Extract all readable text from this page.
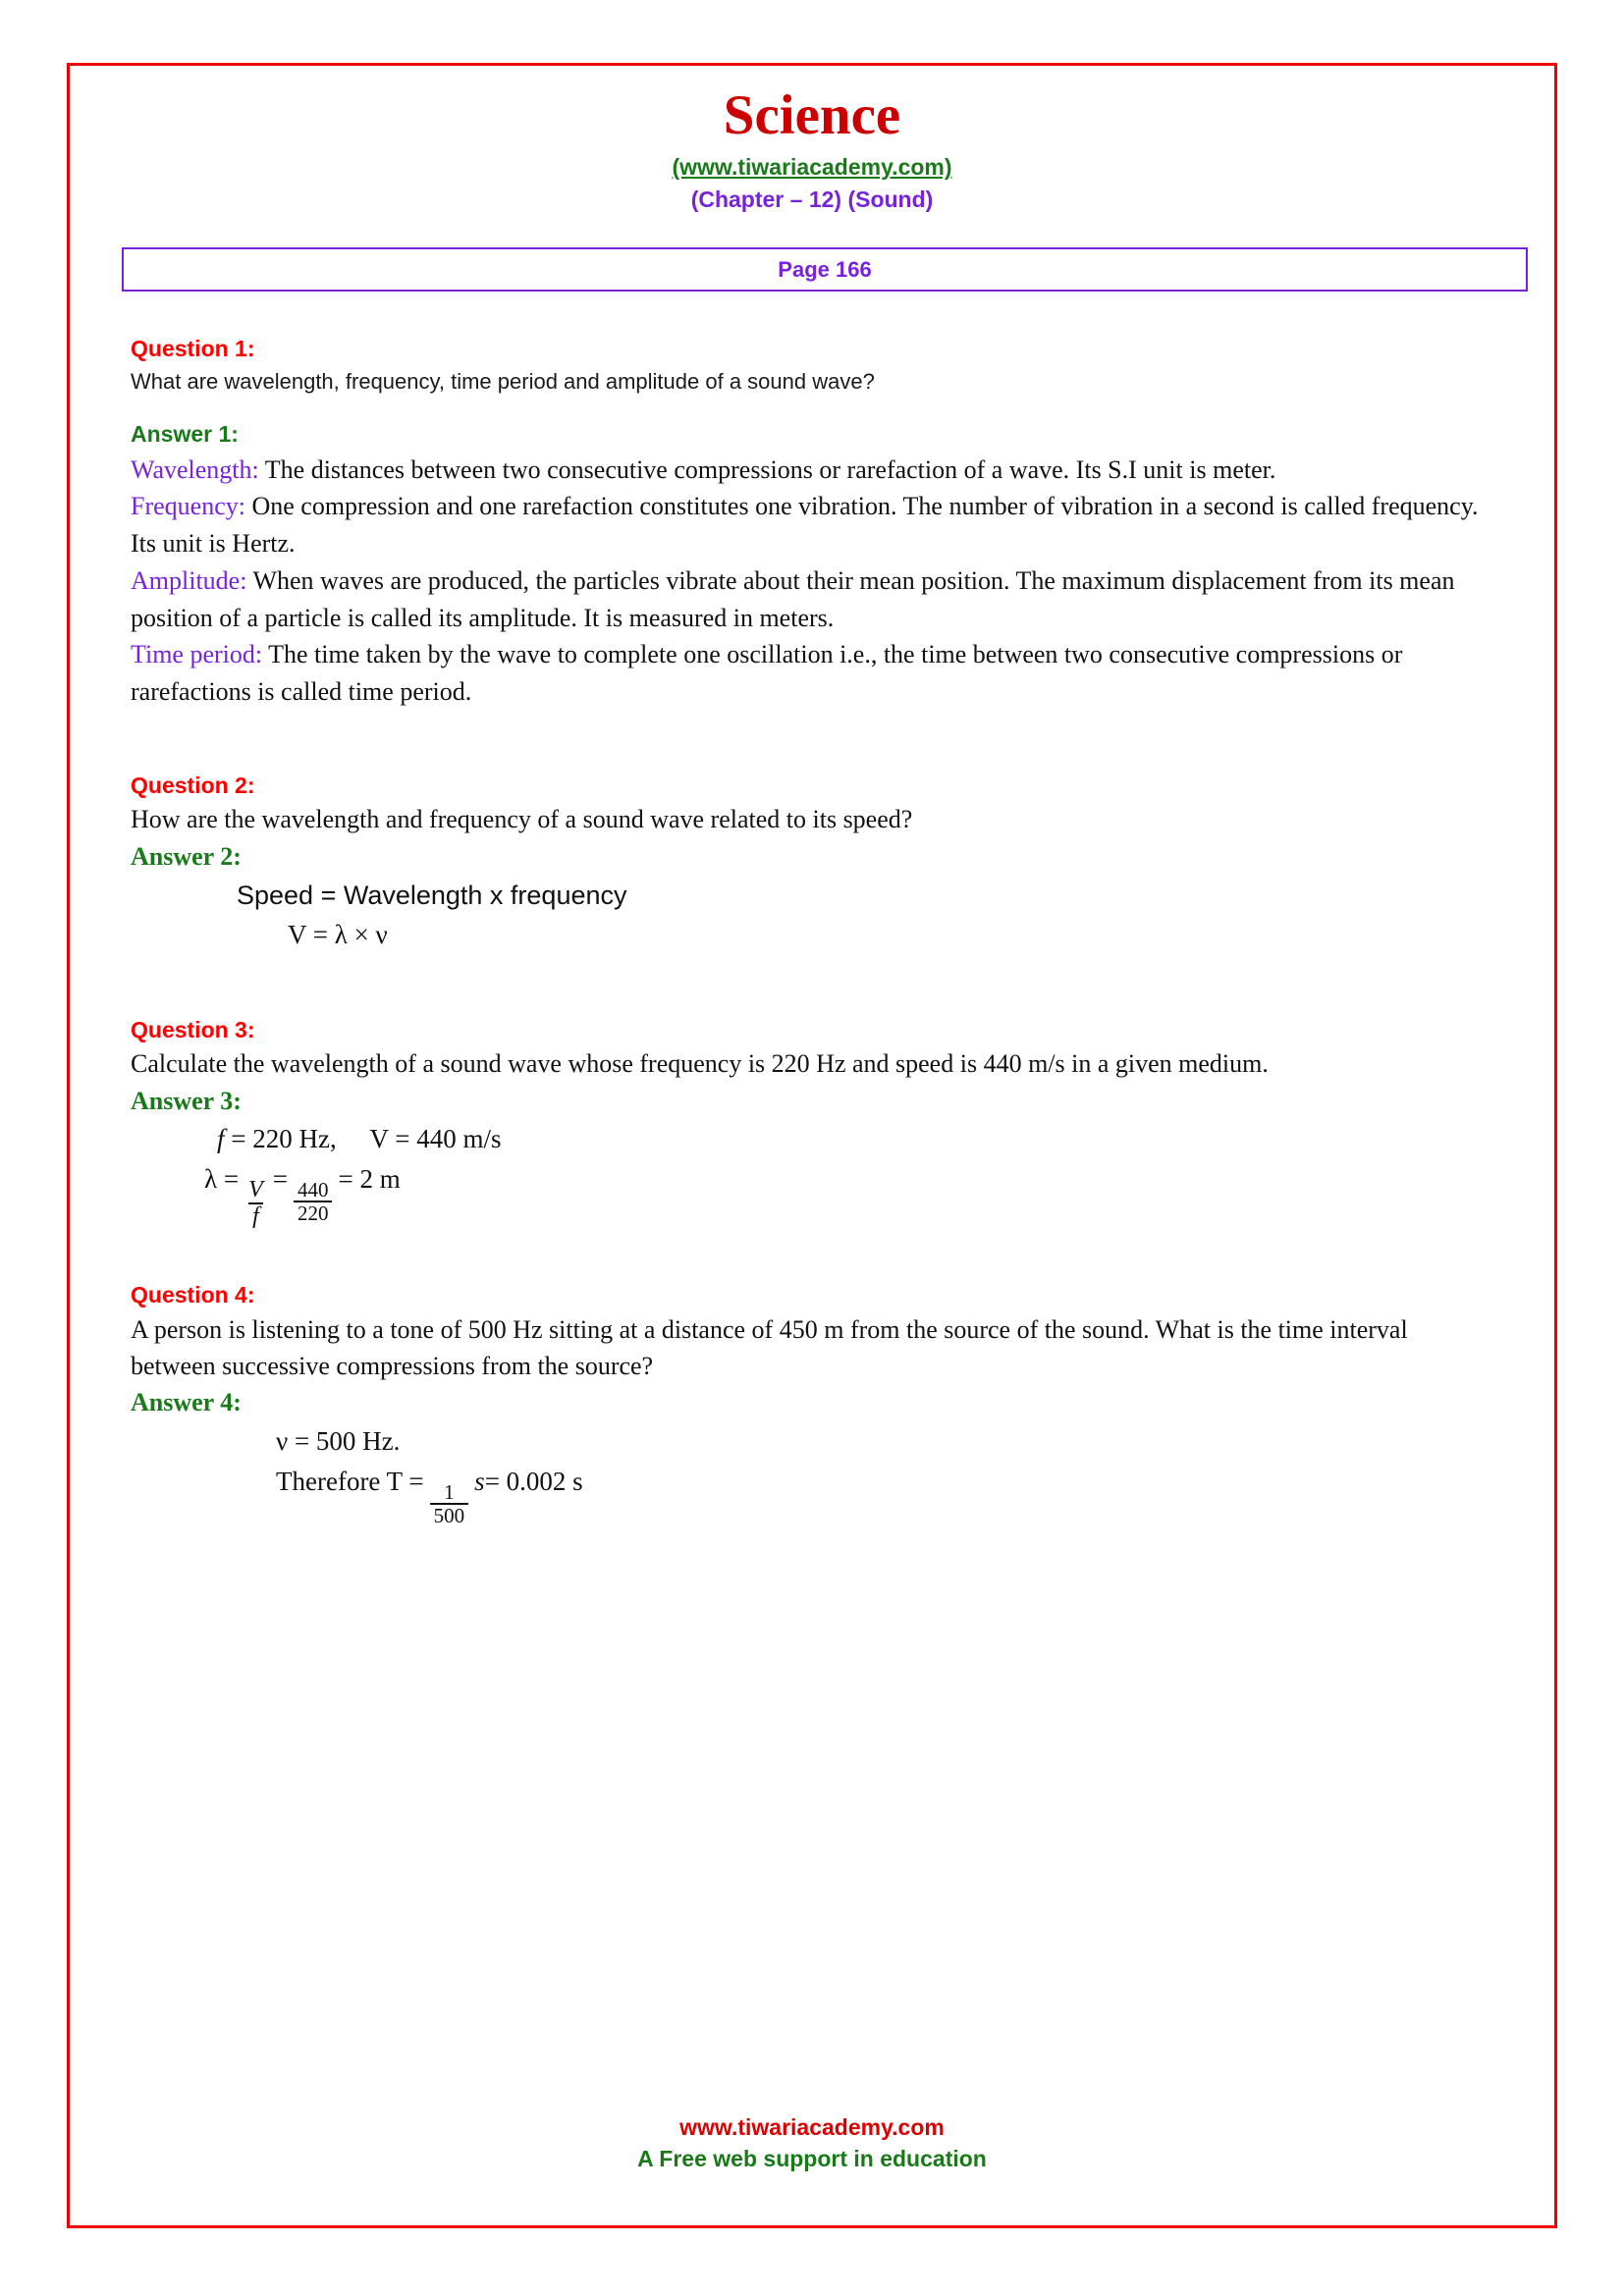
Science
(www.tiwariacademy.com)
(Chapter – 12) (Sound)
Page 166
Question 1:
What are wavelength, frequency, time period and amplitude of a sound wave?
Answer 1:
Wavelength: The distances between two consecutive compressions or rarefaction of a wave. Its S.I unit is meter.
Frequency: One compression and one rarefaction constitutes one vibration. The number of vibration in a second is called frequency. Its unit is Hertz.
Amplitude: When waves are produced, the particles vibrate about their mean position. The maximum displacement from its mean position of a particle is called its amplitude. It is measured in meters.
Time period: The time taken by the wave to complete one oscillation i.e., the time between two consecutive compressions or rarefactions is called time period.
Question 2:
How are the wavelength and frequency of a sound wave related to its speed?
Answer 2:
Speed = Wavelength x frequency
V = λ × ν
Question 3:
Calculate the wavelength of a sound wave whose frequency is 220 Hz and speed is 440 m/s in a given medium.
Answer 3:
f = 220 Hz,
V = 440 m/s
$\lambda = \frac{V}{f} = \frac{440}{220} = 2$ m
Question 4:
A person is listening to a tone of 500 Hz sitting at a distance of 450 m from the source of the sound. What is the time interval between successive compressions from the source?
Answer 4:
ν = 500 Hz.
Therefore $T = \frac{1}{500}$ s = 0.002 s
www.tiwariacademy.com
A Free web support in education
